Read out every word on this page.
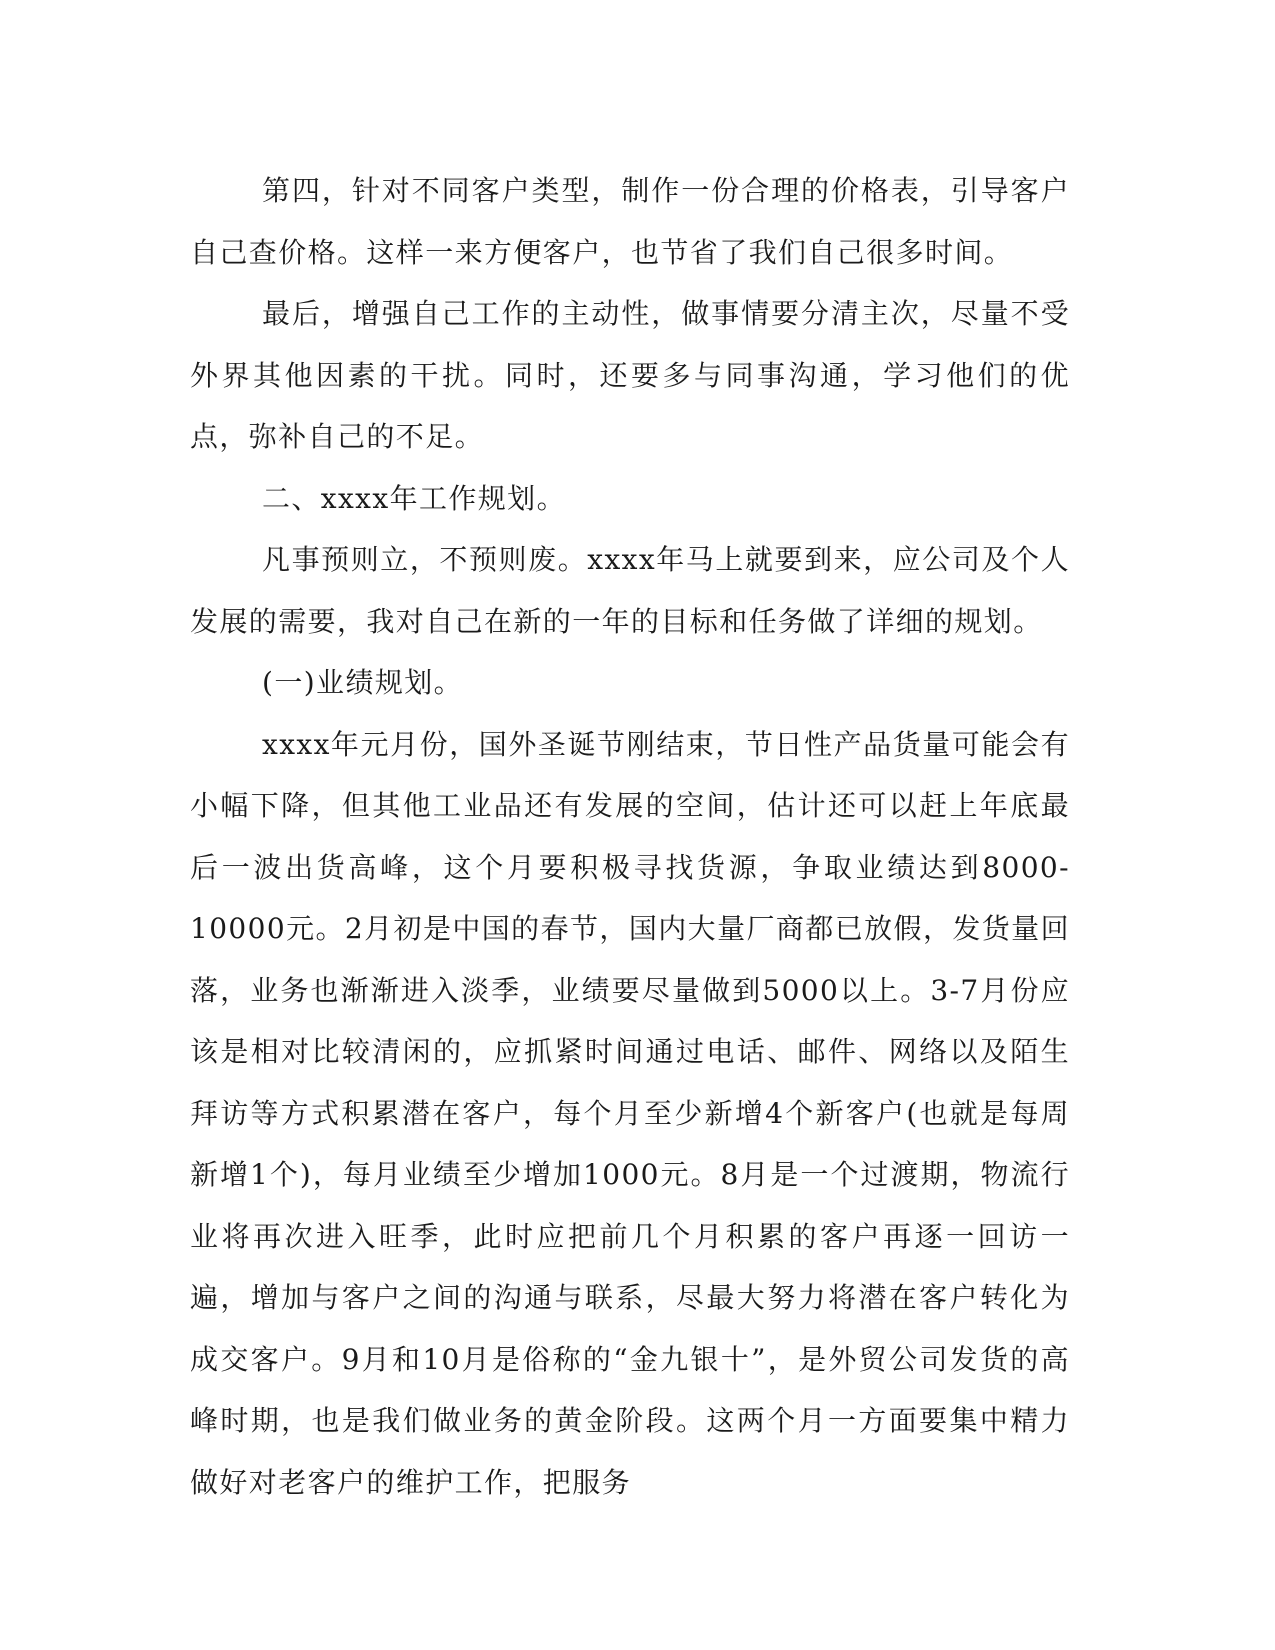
第四，针对不同客户类型，制作一份合理的价格表，引导客户自己查价格。这样一来方便客户，也节省了我们自己很多时间。

最后，增强自己工作的主动性，做事情要分清主次，尽量不受外界其他因素的干扰。同时，还要多与同事沟通，学习他们的优点，弥补自己的不足。

二、xxxx年工作规划。

凡事预则立，不预则废。xxxx年马上就要到来，应公司及个人发展的需要，我对自己在新的一年的目标和任务做了详细的规划。

(一)业绩规划。

xxxx年元月份，国外圣诞节刚结束，节日性产品货量可能会有小幅下降，但其他工业品还有发展的空间，估计还可以赶上年底最后一波出货高峰，这个月要积极寻找货源，争取业绩达到8000-10000元。2月初是中国的春节，国内大量厂商都已放假，发货量回落，业务也渐渐进入淡季，业绩要尽量做到5000以上。3-7月份应该是相对比较清闲的，应抓紧时间通过电话、邮件、网络以及陌生拜访等方式积累潜在客户，每个月至少新增4个新客户(也就是每周新增1个)，每月业绩至少增加1000元。8月是一个过渡期，物流行业将再次进入旺季，此时应把前几个月积累的客户再逐一回访一遍，增加与客户之间的沟通与联系，尽最大努力将潜在客户转化为成交客户。9月和10月是俗称的“金九银十”，是外贸公司发货的高峰时期，也是我们做业务的黄金阶段。这两个月一方面要集中精力做好对老客户的维护工作，把服务
